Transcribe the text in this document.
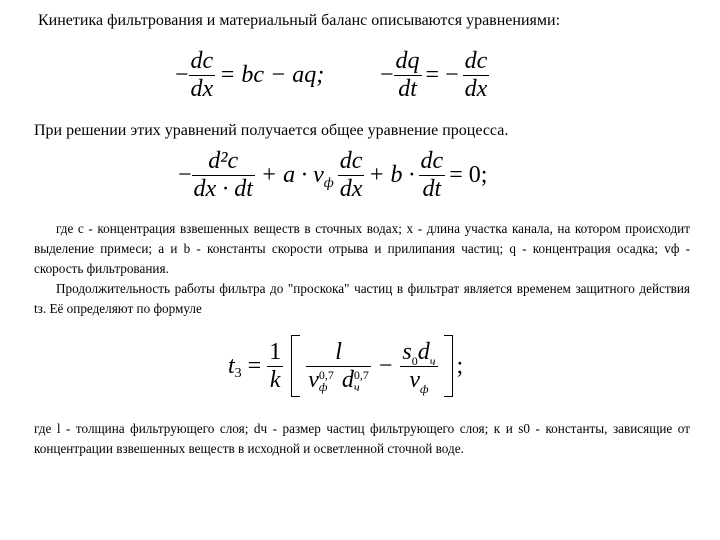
Кинетика фильтрования и материальный баланс описываются уравнениями:
− $\frac{dc}{dx}$ = bc − aq; − $\frac{dq}{dt}$ = − $\frac{dc}{dx}$
При решении этих уравнений получается общее уравнение процесса.
− $\frac{\text{d²c}}{dx \cdot dt} + a \cdot v$ ф $\frac{dc}{dx} + b \cdot \frac{dc}{dt} = 0$;
где c - концентрация взвешенных веществ в сточных водах; x - длина участка канала, на котором происходит выделение примеси; a и b - константы скорости отрыва и прилипания частиц; q - концентрация осадка; vф - скорость фильтрования.
Продолжительность работы фильтра до "проскока" частиц в фильтрат является временем защитного действия tз. Её определяют по формуле
t $3 = \frac{1}{k}$ l
v 0,7
ф d 0,7
$ч - \frac{s_0d_ч}{v_ф}$ ;
где l - толщина фильтрующего слоя; dч - размер частиц фильтрующего слоя; к и s0 - константы, зависящие от концентрации взвешенных веществ в исходной и осветленной сточной воде.
